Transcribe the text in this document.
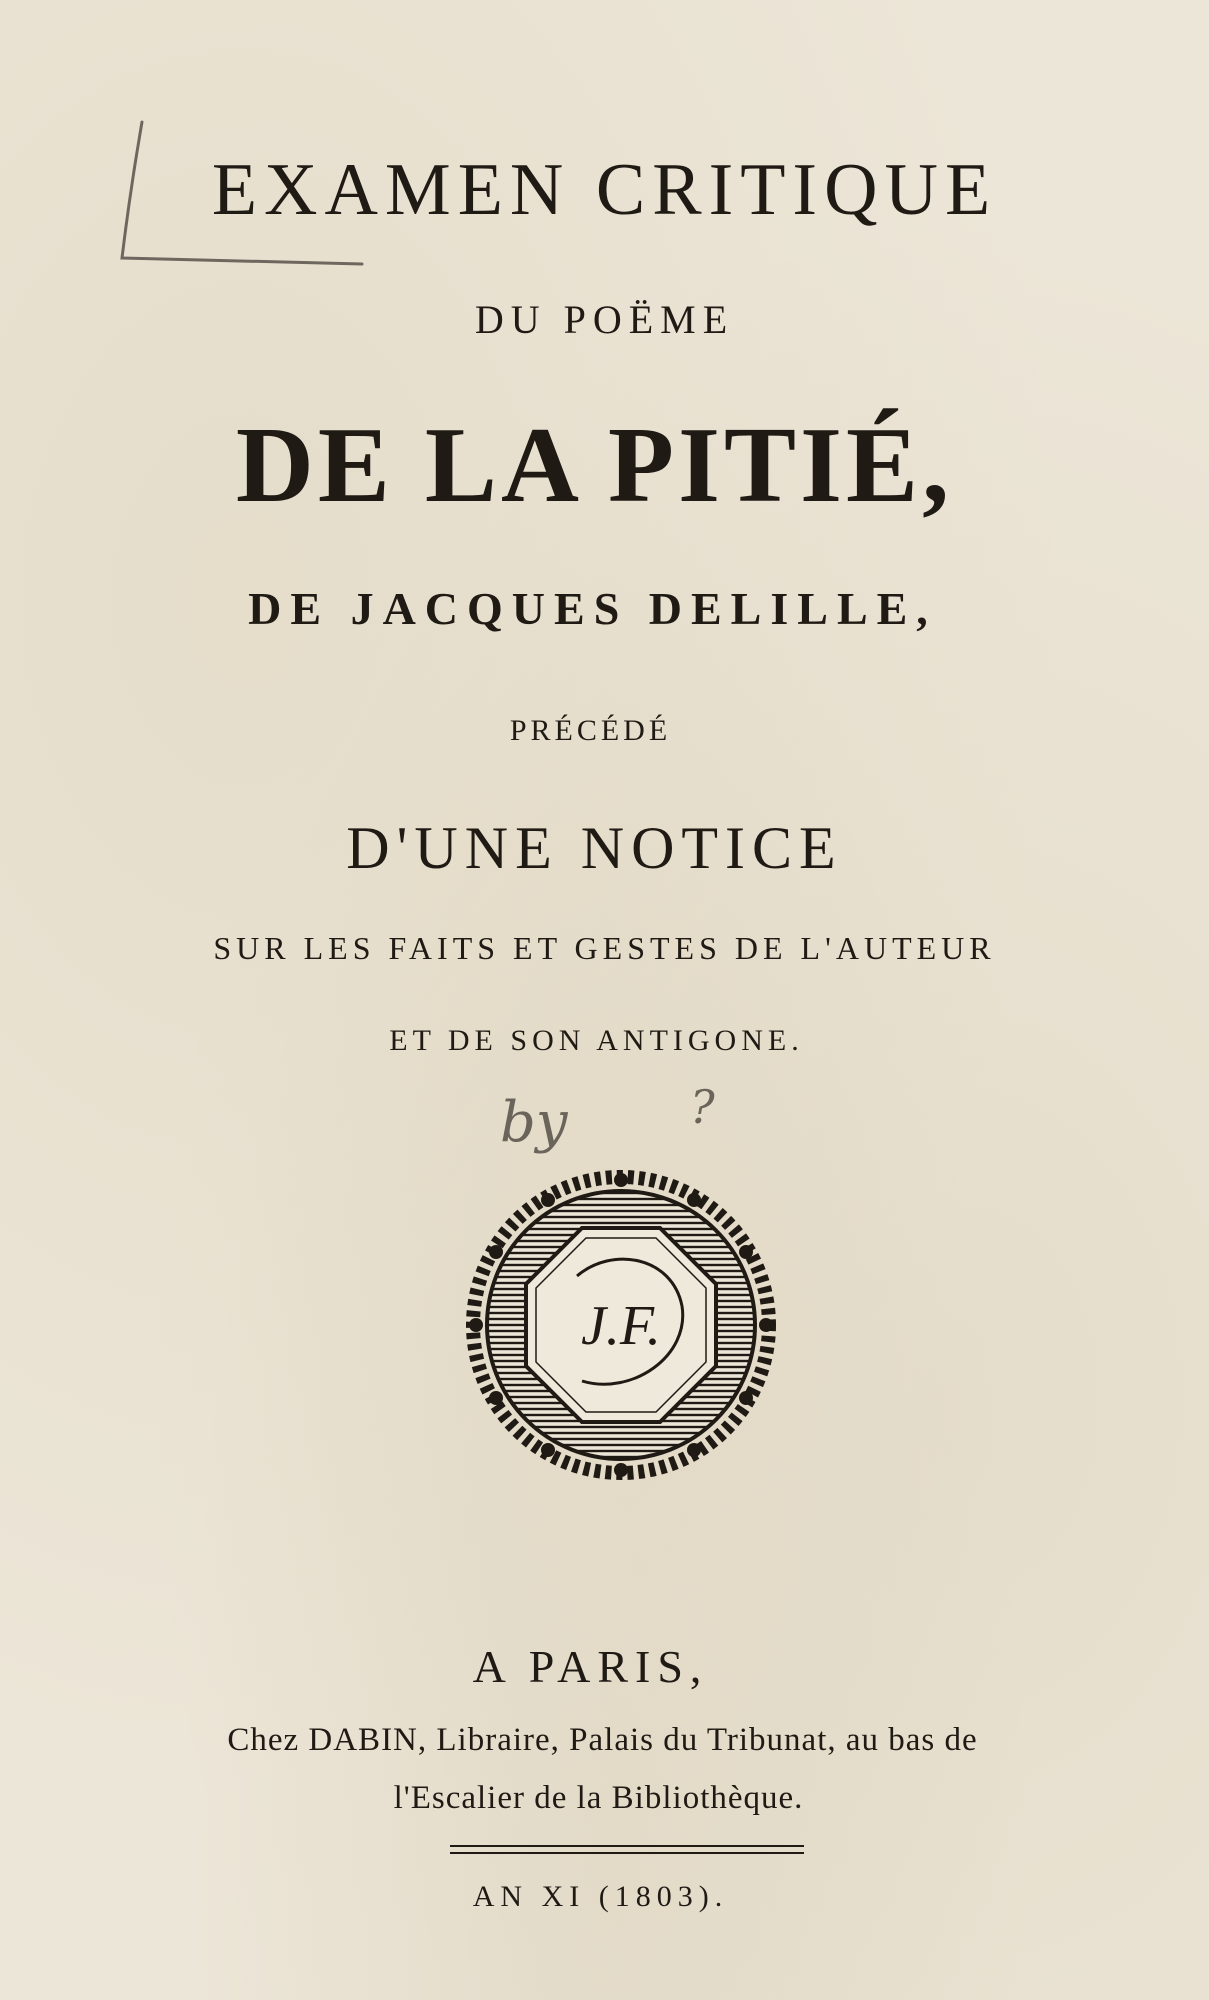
EXAMEN CRITIQUE
DU POËME
DE LA PITIÉ,
DE JACQUES DELILLE,
PRÉCÉDÉ
D'UNE NOTICE
SUR LES FAITS ET GESTES DE L'AUTEUR
ET DE SON ANTIGONE.
by	?
J.F.
A PARIS,
Chez DABIN, Libraire, Palais du Tribunat, au bas de
l'Escalier de la Bibliothèque.
AN XI (1803).
